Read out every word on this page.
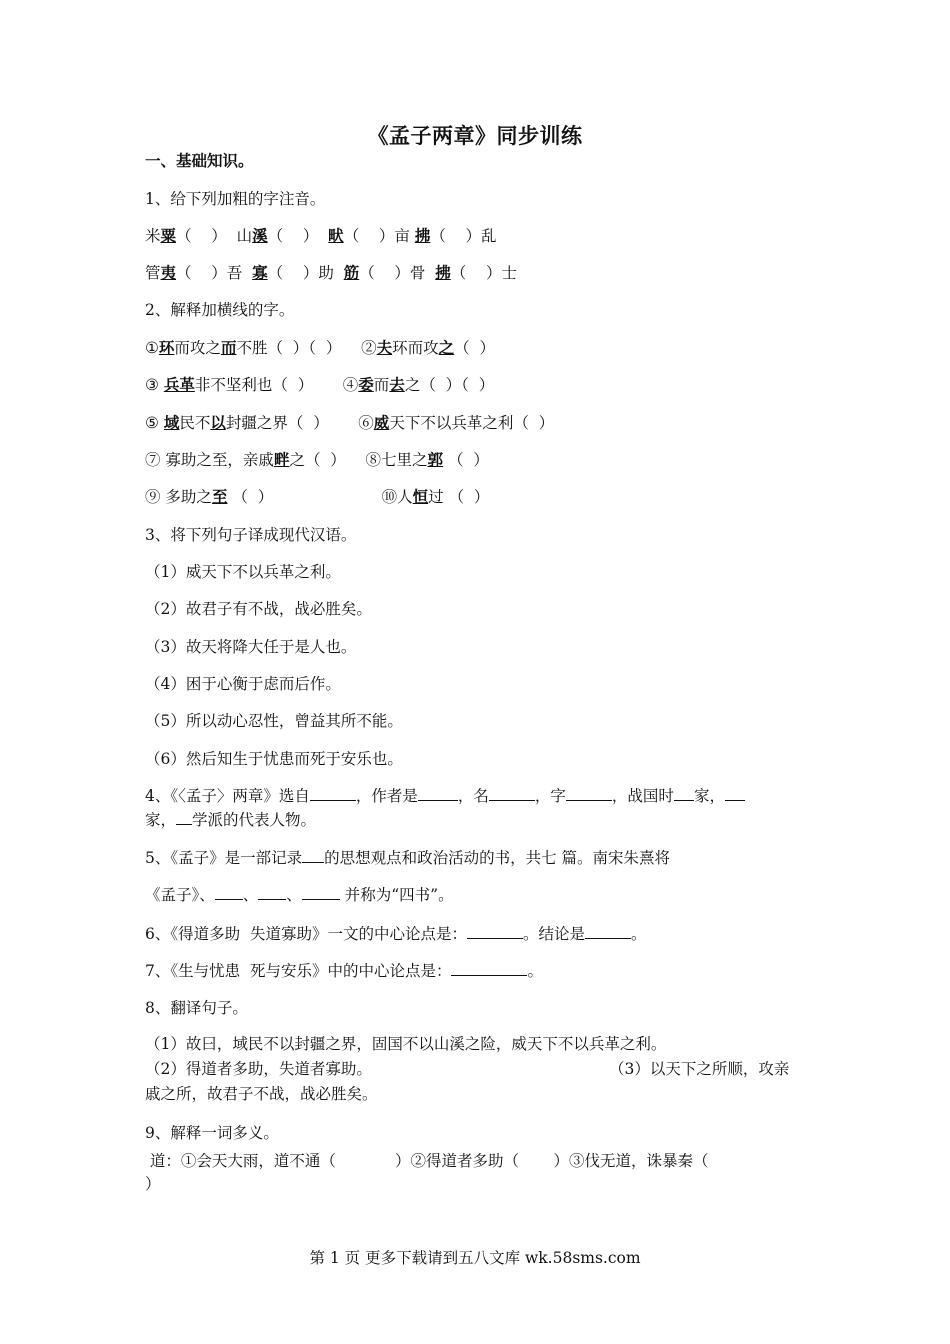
《孟子两章》同步训练
一、基础知识。
1、给下列加粗的字注音。
米粟（    ）  山溪（    ）  畎（    ）亩 拂（    ）乱
管夷（    ）吾  寡（    ）助  筋（    ）骨  拂（    ）士
2、解释加横线的字。
①环而攻之而不胜（  ）（  ）    ②夫环而攻之（  ）
③ 兵革非不坚利也（  ）      ④委而去之（  ）（  ）
⑤ 域民不以封疆之界（  ）      ⑥威天下不以兵革之利（  ）
⑦ 寡助之至，亲戚畔之（  ）    ⑧七里之郭 （  ）
⑨ 多助之至 （  ）                      ⑩人恒过 （  ）
3、将下列句子译成现代汉语。
（1）威天下不以兵革之利。
（2）故君子有不战，战必胜矣。
（3）故天将降大任于是人也。
（4）困于心衡于虑而后作。
（5）所以动心忍性，曾益其所不能。
（6）然后知生于忧患而死于安乐也。
4、《〈孟子〉两章》选自	，作者是	，名	，字	，战国时 家，
家， 学派的代表人物。
5、《孟子》是一部记录 的思想观点和政治活动的书，共七 篇。南宋朱熹将
《孟子》、 、 、 并称为“四书”。
6、《得道多助  失道寡助》一文的中心论点是：	。结论是	。
7、《生与忧患  死与安乐》中的中心论点是：	。
8、翻译句子。
（1）故曰，域民不以封疆之界，固国不以山溪之险，威天下不以兵革之利。
（2）得道者多助，失道者寡助。	（3）以天下之所顺，攻亲
戚之所，故君子不战，战必胜矣。
9、解释一词多义。
道：①会天大雨，道不通（            ）②得道者多助（       ）③伐无道，诛暴秦（
）
第 1 页 更多下载请到五八文库 wk.58sms.com
